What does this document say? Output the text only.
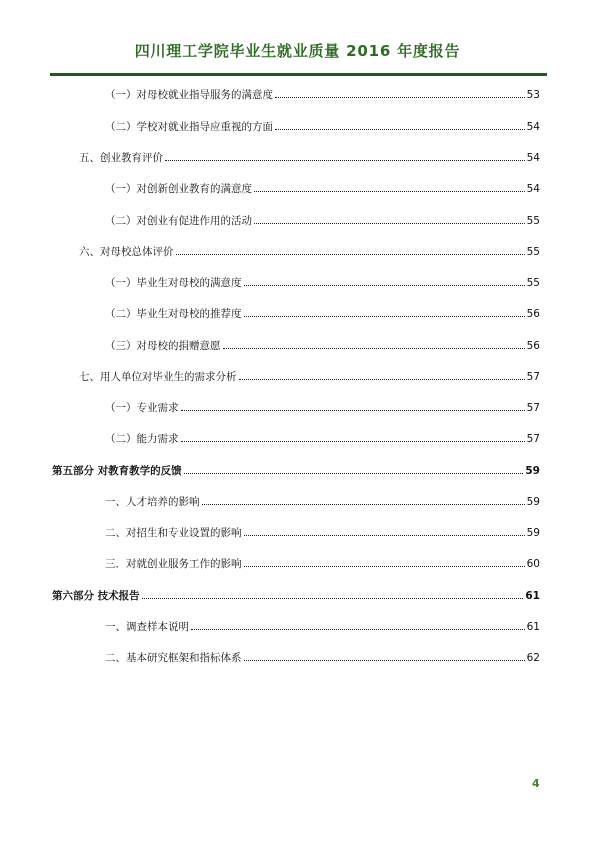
四川理工学院毕业生就业质量 2016 年度报告
（一）对母校就业指导服务的满意度	53
（二）学校对就业指导应重视的方面	54
五、创业教育评价	54
（一）对创新创业教育的满意度	54
（二）对创业有促进作用的活动	55
六、对母校总体评价	55
（一）毕业生对母校的满意度	55
（二）毕业生对母校的推荐度	56
（三）对母校的捐赠意愿	56
七、用人单位对毕业生的需求分析	57
（一）专业需求	57
（二）能力需求	57
第五部分 对教育教学的反馈	59
一、人才培养的影响	59
二、对招生和专业设置的影响	59
三．对就创业服务工作的影响	60
第六部分 技术报告	61
一、调查样本说明	61
二、基本研究框架和指标体系	62
4
